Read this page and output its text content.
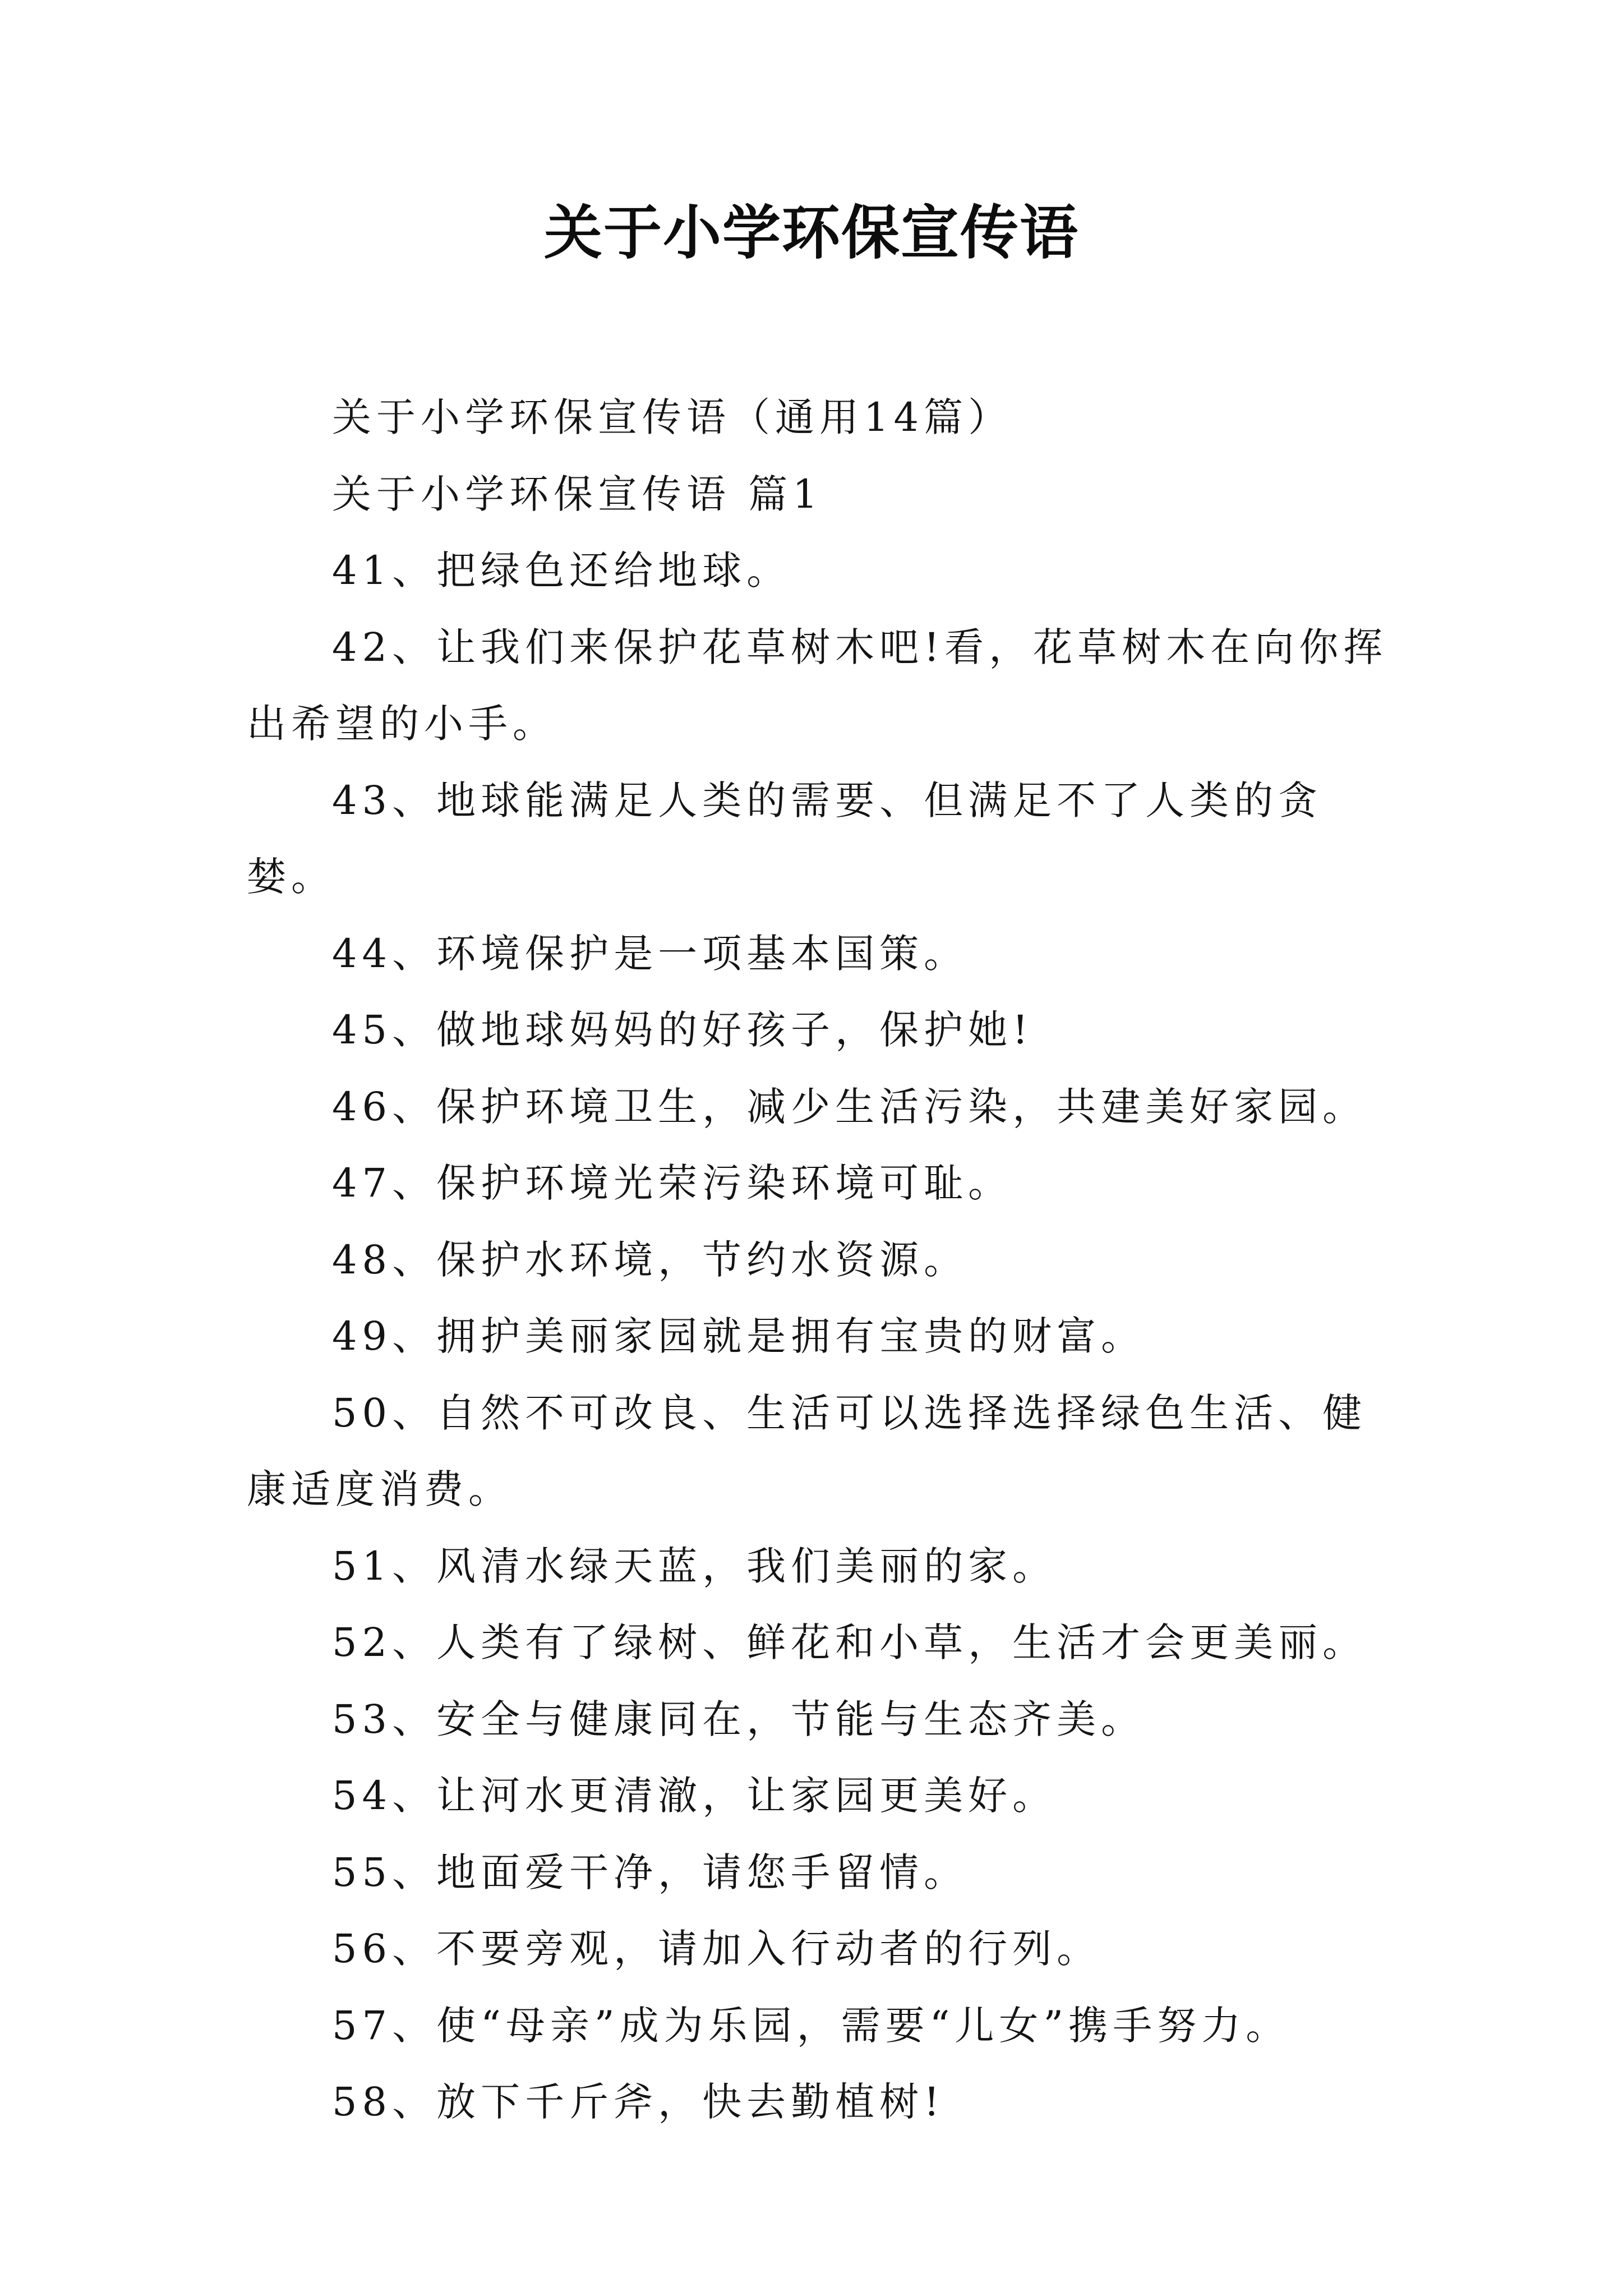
关于小学环保宣传语

关于小学环保宣传语（通用14篇）

关于小学环保宣传语 篇1

41、把绿色还给地球。

42、让我们来保护花草树木吧!看，花草树木在向你挥出希望的小手。

43、地球能满足人类的需要、但满足不了人类的贪婪。

44、环境保护是一项基本国策。

45、做地球妈妈的好孩子，保护她!

46、保护环境卫生，减少生活污染，共建美好家园。

47、保护环境光荣污染环境可耻。

48、保护水环境，节约水资源。

49、拥护美丽家园就是拥有宝贵的财富。

50、自然不可改良、生活可以选择选择绿色生活、健康适度消费。

51、风清水绿天蓝，我们美丽的家。

52、人类有了绿树、鲜花和小草，生活才会更美丽。

53、安全与健康同在，节能与生态齐美。

54、让河水更清澈，让家园更美好。

55、地面爱干净，请您手留情。

56、不要旁观，请加入行动者的行列。

57、使“母亲”成为乐园，需要“儿女”携手努力。

58、放下千斤斧，快去勤植树!
